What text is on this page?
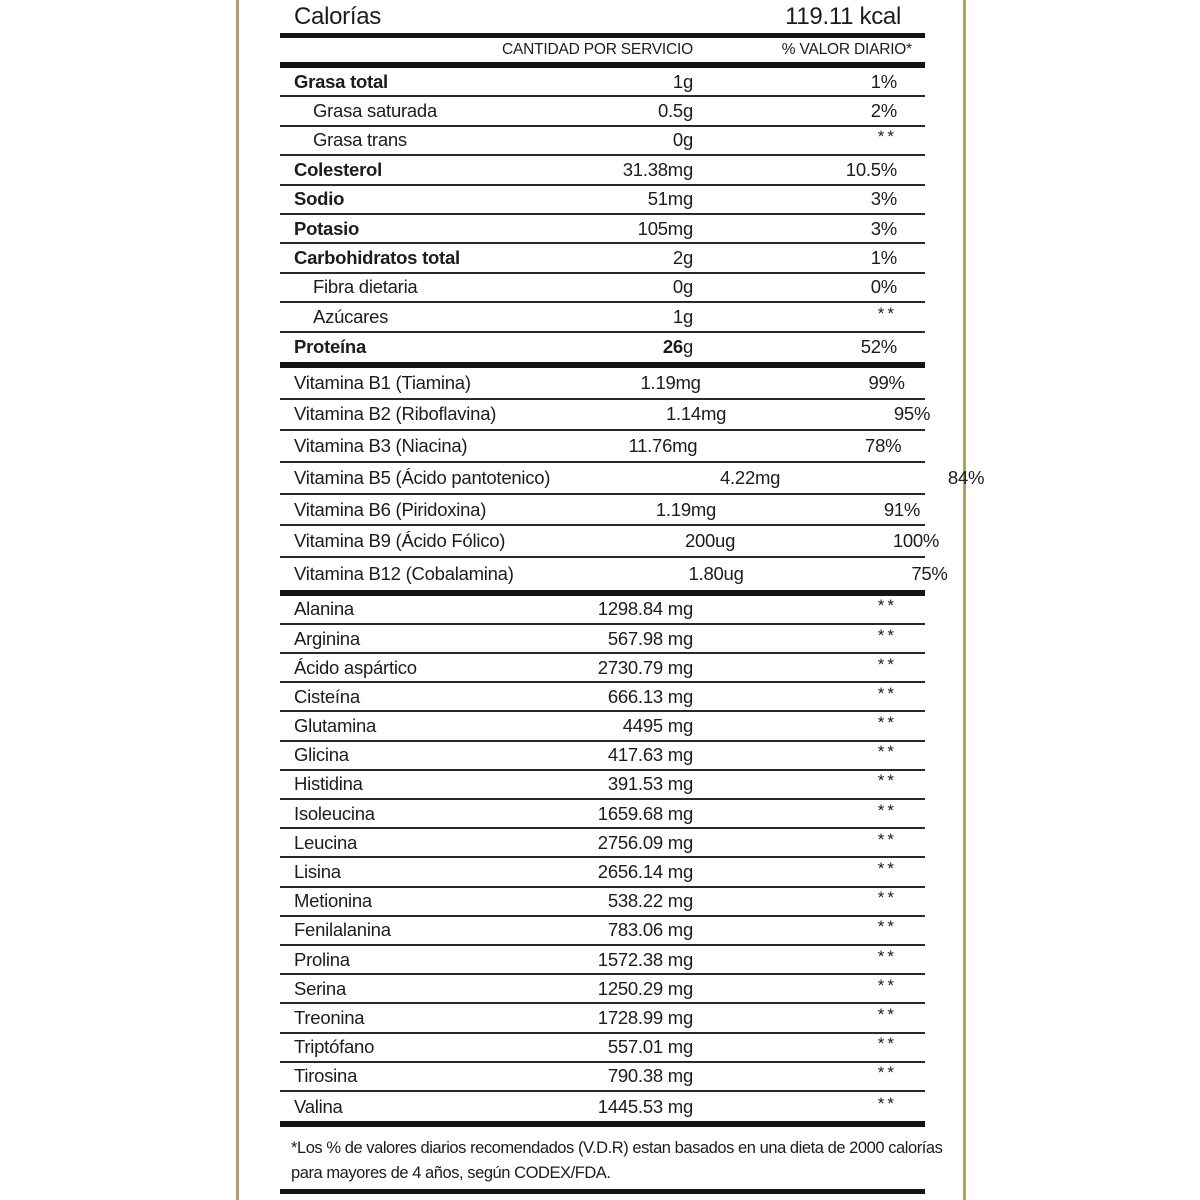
Calorías	119.11 kcal
CANTIDAD POR SERVICIO	% VALOR DIARIO*
Grasa total	1g	1%
Grasa saturada	0.5g	2%
Grasa trans	0g	**
Colesterol	31.38mg	10.5%
Sodio	51mg	3%
Potasio	105mg	3%
Carbohidratos total	2g	1%
Fibra dietaria	0g	0%
Azúcares	1g	**
Proteína	26g	52%
Vitamina B1 (Tiamina)	1.19mg	99%
Vitamina B2 (Riboflavina)	1.14mg	95%
Vitamina B3 (Niacina)	11.76mg	78%
Vitamina B5 (Ácido pantotenico)	4.22mg	84%
Vitamina B6 (Piridoxina)	1.19mg	91%
Vitamina B9 (Ácido Fólico)	200ug	100%
Vitamina B12 (Cobalamina)	1.80ug	75%
Alanina	1298.84 mg	**
Arginina	567.98 mg	**
Ácido aspártico	2730.79 mg	**
Cisteína	666.13 mg	**
Glutamina	4495 mg	**
Glicina	417.63 mg	**
Histidina	391.53 mg	**
Isoleucina	1659.68 mg	**
Leucina	2756.09 mg	**
Lisina	2656.14 mg	**
Metionina	538.22 mg	**
Fenilalanina	783.06 mg	**
Prolina	1572.38 mg	**
Serina	1250.29 mg	**
Treonina	1728.99 mg	**
Triptófano	557.01 mg	**
Tirosina	790.38 mg	**
Valina	1445.53 mg	**
*Los % de valores diarios recomendados (V.D.R) estan basados en una dieta de 2000 calorías
para mayores de 4 años, según CODEX/FDA.
